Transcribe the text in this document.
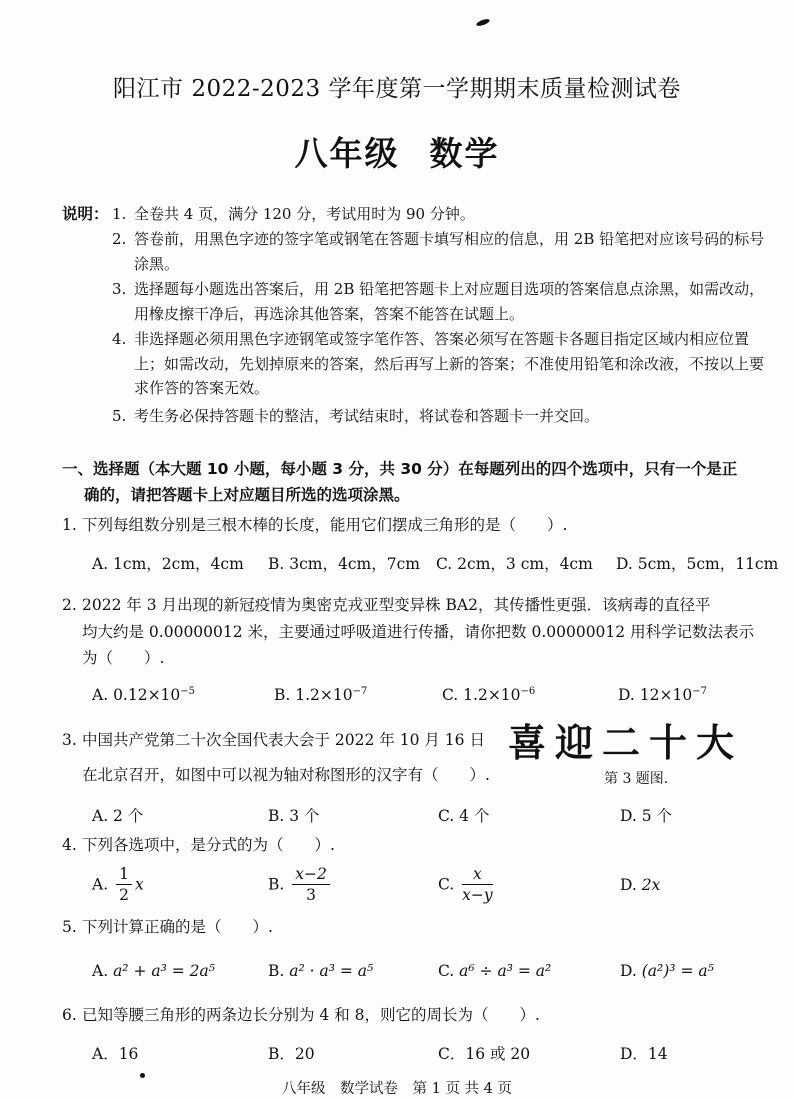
阳江市 2022-2023 学年度第一学期期末质量检测试卷
八年级 数学
说明： 1. 全卷共 4 页，满分 120 分，考试用时为 90 分钟。
2. 答卷前，用黑色字迹的签字笔或钢笔在答题卡填写相应的信息，用 2B 铅笔把对应该号码的标号涂黑。
3. 选择题每小题选出答案后，用 2B 铅笔把答题卡上对应题目选项的答案信息点涂黑，如需改动，用橡皮擦干净后，再选涂其他答案，答案不能答在试题上。
4. 非选择题必须用黑色字迹钢笔或签字笔作答、答案必须写在答题卡各题目指定区域内相应位置上；如需改动，先划掉原来的答案，然后再写上新的答案；不准使用铅笔和涂改液，不按以上要求作答的答案无效。
5. 考生务必保持答题卡的整洁，考试结束时，将试卷和答题卡一并交回。
一、选择题（本大题 10 小题，每小题 3 分，共 30 分）在每题列出的四个选项中，只有一个是正
确的，请把答题卡上对应题目所选的选项涂黑。
1. 下列每组数分别是三根木棒的长度，能用它们摆成三角形的是（　　）.
A. 1cm，2cm，4cm B. 3cm，4cm，7cm C. 2cm，3 cm，4cm D. 5cm，5cm，11cm
2. 2022 年 3 月出现的新冠疫情为奥密克戎亚型变异株 BA2，其传播性更强．该病毒的直径平
均大约是 0.00000012 米，主要通过呼吸道进行传播，请你把数 0.00000012 用科学记数法表示
为（　　）.
A. $0.12\times 10^{-5}$	B. $1.2\times 10^{-7}$	C. $1.2\times 10^{-6}$	D. $12\times 10^{-7}$
3. 中国共产党第二十次全国代表大会于 2022 年 10 月 16 日
在北京召开，如图中可以视为轴对称图形的汉字有（　　）.
喜迎二十大
第 3 题图.
A. 2 个	B. 3 个	C. 4 个	D. 5 个
4. 下列各选项中，是分式的为（　　）.
A. $\frac{1}{2}$ x	B. $\frac{x-2}{3}$	C. $\frac{x}{x-y}$	D. 2x
5. 下列计算正确的是（　　）.
A. a² + a³ = 2a⁵	B. a² · a³ = a⁵	C. a⁶ ÷ a³ = a²	D. (a²)³ = a⁵
6. 已知等腰三角形的两条边长分别为 4 和 8，则它的周长为（　　）.
A．16	B．20	C．16 或 20	D．14
八年级　数学试卷　第 1 页 共 4 页
